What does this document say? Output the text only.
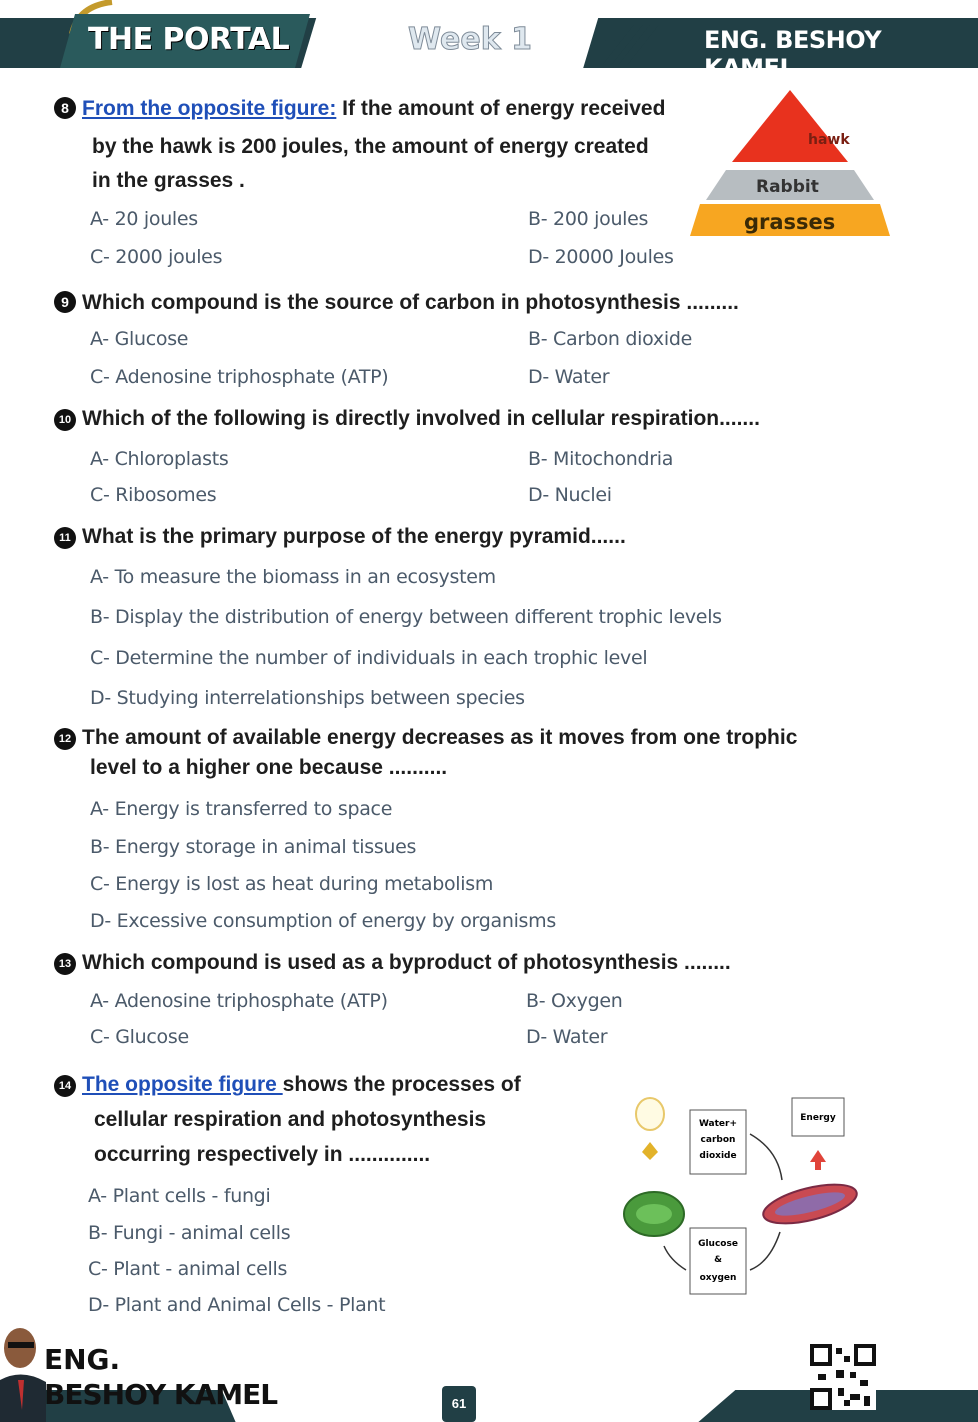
THE PORTAL	Week 1	ENG. BESHOY KAMEL
8 From the opposite figure: If the amount of energy received
by the hawk is 200 joules, the amount of energy created
in the grasses .
A- 20 joules	B- 200 joules
C- 2000 joules	D- 20000 Joules
hawk
Rabbit
grasses
9 Which compound is the source of carbon in photosynthesis .........
A- Glucose	B- Carbon dioxide
C- Adenosine triphosphate (ATP)	D- Water
10 Which of the following is directly involved in cellular respiration.......
A- Chloroplasts	B- Mitochondria
C- Ribosomes	D- Nuclei
11 What is the primary purpose of the energy pyramid......
A- To measure the biomass in an ecosystem
B- Display the distribution of energy between different trophic levels
C- Determine the number of individuals in each trophic level
D- Studying interrelationships between species
12 The amount of available energy decreases as it moves from one trophic
level to a higher one because ..........
A- Energy is transferred to space
B- Energy storage in animal tissues
C- Energy is lost as heat during metabolism
D- Excessive consumption of energy by organisms
13 Which compound is used as a byproduct of photosynthesis ........
A- Adenosine triphosphate (ATP)	B- Oxygen
C- Glucose	D- Water
14 The opposite figure shows the processes of
cellular respiration and photosynthesis
occurring respectively in ..............
A- Plant cells - fungi
B- Fungi - animal cells
C- Plant - animal cells
D- Plant and Animal Cells - Plant
Water+
carbon
dioxide
Energy
Glucose
&
oxygen
ENG.
BESHOY KAMEL	61
